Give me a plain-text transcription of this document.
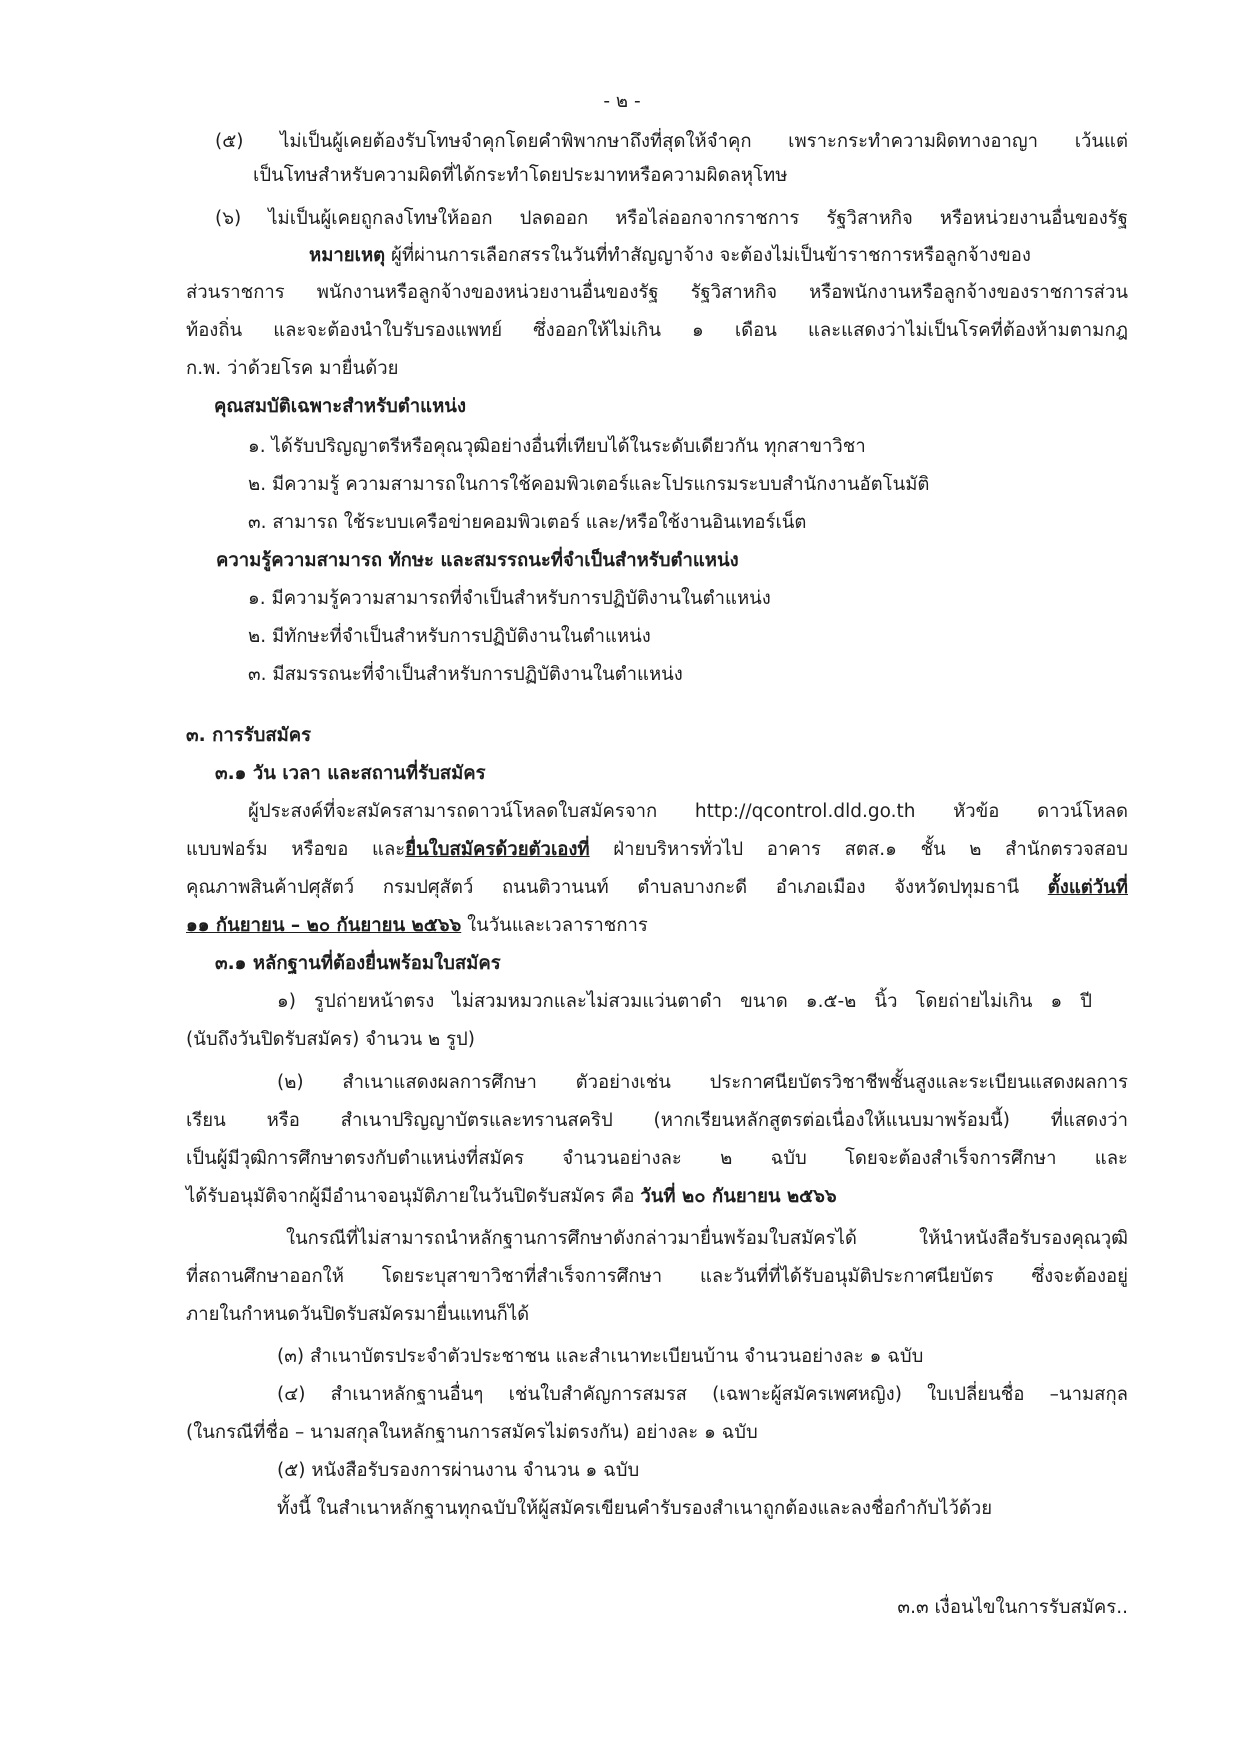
- ๒ -
(๕) ไม่เป็นผู้เคยต้องรับโทษจำคุกโดยคำพิพากษาถึงที่สุดให้จำคุก เพราะกระทำความผิดทางอาญา เว้นแต่
เป็นโทษสำหรับความผิดที่ได้กระทำโดยประมาทหรือความผิดลหุโทษ
(๖) ไม่เป็นผู้เคยถูกลงโทษให้ออก ปลดออก หรือไล่ออกจากราชการ รัฐวิสาหกิจ หรือหน่วยงานอื่นของรัฐ
หมายเหตุ ผู้ที่ผ่านการเลือกสรรในวันที่ทำสัญญาจ้าง จะต้องไม่เป็นข้าราชการหรือลูกจ้างของ
ส่วนราชการ พนักงานหรือลูกจ้างของหน่วยงานอื่นของรัฐ รัฐวิสาหกิจ หรือพนักงานหรือลูกจ้างของราชการส่วน
ท้องถิ่น และจะต้องนำใบรับรองแพทย์ ซึ่งออกให้ไม่เกิน ๑ เดือน และแสดงว่าไม่เป็นโรคที่ต้องห้ามตามกฎ
ก.พ. ว่าด้วยโรค มายื่นด้วย
คุณสมบัติเฉพาะสำหรับตำแหน่ง
๑. ได้รับปริญญาตรีหรือคุณวุฒิอย่างอื่นที่เทียบได้ในระดับเดียวกัน ทุกสาขาวิชา
๒. มีความรู้ ความสามารถในการใช้คอมพิวเตอร์และโปรแกรมระบบสำนักงานอัตโนมัติ
๓. สามารถ ใช้ระบบเครือข่ายคอมพิวเตอร์ และ/หรือใช้งานอินเทอร์เน็ต
ความรู้ความสามารถ ทักษะ และสมรรถนะที่จำเป็นสำหรับตำแหน่ง
๑. มีความรู้ความสามารถที่จำเป็นสำหรับการปฏิบัติงานในตำแหน่ง
๒. มีทักษะที่จำเป็นสำหรับการปฏิบัติงานในตำแหน่ง
๓. มีสมรรถนะที่จำเป็นสำหรับการปฏิบัติงานในตำแหน่ง
๓. การรับสมัคร
๓.๑ วัน เวลา และสถานที่รับสมัคร
ผู้ประสงค์ที่จะสมัครสามารถดาวน์โหลดใบสมัครจาก http://qcontrol.dld.go.th หัวข้อ ดาวน์โหลด
แบบฟอร์ม หรือขอ และยื่นใบสมัครด้วยตัวเองที่ ฝ่ายบริหารทั่วไป อาคาร สตส.๑ ชั้น ๒ สำนักตรวจสอบ
คุณภาพสินค้าปศุสัตว์ กรมปศุสัตว์ ถนนติวานนท์ ตำบลบางกะดี อำเภอเมือง จังหวัดปทุมธานี ตั้งแต่วันที่
๑๑ กันยายน – ๒๐ กันยายน ๒๕๖๖ ในวันและเวลาราชการ
๓.๑ หลักฐานที่ต้องยื่นพร้อมใบสมัคร
๑) รูปถ่ายหน้าตรง ไม่สวมหมวกและไม่สวมแว่นตาดำ ขนาด ๑.๕-๒ นิ้ว โดยถ่ายไม่เกิน ๑ ปี
(นับถึงวันปิดรับสมัคร) จำนวน ๒ รูป)
(๒) สำเนาแสดงผลการศึกษา ตัวอย่างเช่น ประกาศนียบัตรวิชาชีพชั้นสูงและระเบียนแสดงผลการ
เรียน หรือ สำเนาปริญญาบัตรและทรานสคริป (หากเรียนหลักสูตรต่อเนื่องให้แนบมาพร้อมนี้) ที่แสดงว่า
เป็นผู้มีวุฒิการศึกษาตรงกับตำแหน่งที่สมัคร จำนวนอย่างละ ๒ ฉบับ โดยจะต้องสำเร็จการศึกษา และ
ได้รับอนุมัติจากผู้มีอำนาจอนุมัติภายในวันปิดรับสมัคร คือ วันที่ ๒๐ กันยายน ๒๕๖๖
ในกรณีที่ไม่สามารถนำหลักฐานการศึกษาดังกล่าวมายื่นพร้อมใบสมัครได้ ให้นำหนังสือรับรองคุณวุฒิ
ที่สถานศึกษาออกให้ โดยระบุสาขาวิชาที่สำเร็จการศึกษา และวันที่ที่ได้รับอนุมัติประกาศนียบัตร ซึ่งจะต้องอยู่
ภายในกำหนดวันปิดรับสมัครมายื่นแทนก็ได้
(๓) สำเนาบัตรประจำตัวประชาชน และสำเนาทะเบียนบ้าน จำนวนอย่างละ ๑ ฉบับ
(๔) สำเนาหลักฐานอื่นๆ เช่นใบสำคัญการสมรส (เฉพาะผู้สมัครเพศหญิง) ใบเปลี่ยนชื่อ –นามสกุล
(ในกรณีที่ชื่อ – นามสกุลในหลักฐานการสมัครไม่ตรงกัน) อย่างละ ๑ ฉบับ
(๕) หนังสือรับรองการผ่านงาน จำนวน ๑ ฉบับ
ทั้งนี้ ในสำเนาหลักฐานทุกฉบับให้ผู้สมัครเขียนคำรับรองสำเนาถูกต้องและลงชื่อกำกับไว้ด้วย
๓.๓ เงื่อนไขในการรับสมัคร..
